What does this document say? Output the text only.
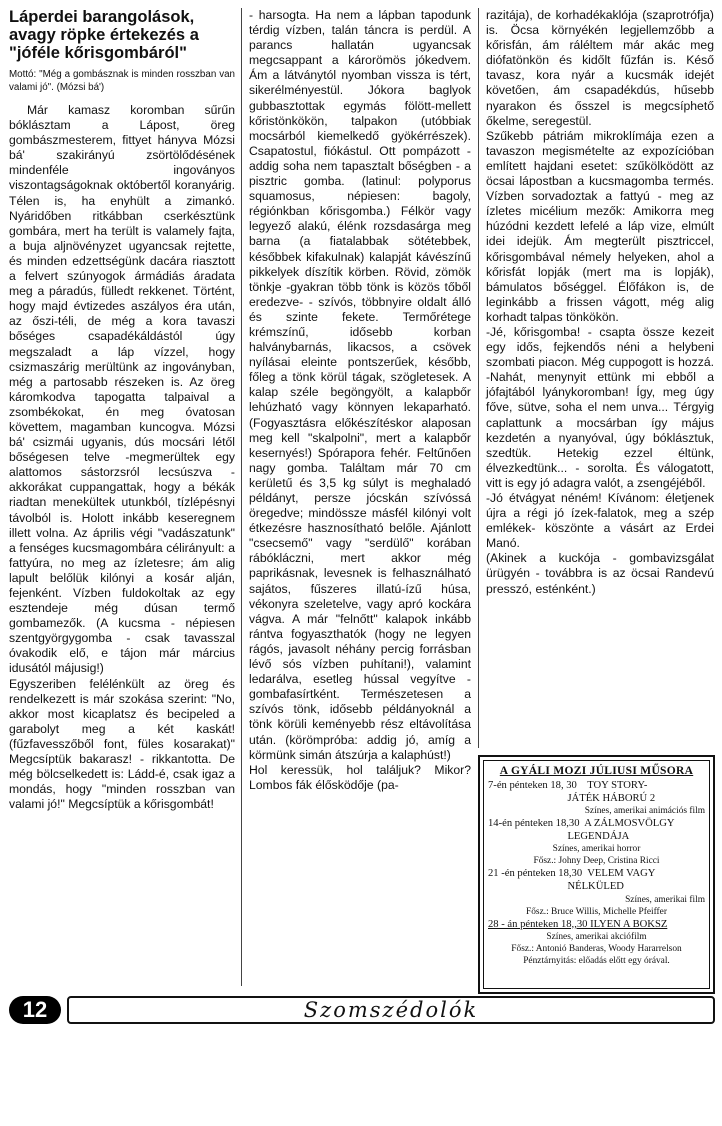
Láperdei barangolások, avagy röpke értekezés a "jóféle kőrisgombáról"
Mottó: "Még a gombásznak is minden rosszban van valami jó". (Mózsi bá')

Már kamasz koromban sűrűn bóklásztam a Lápost, öreg gombászmesterem, fittyet hányva Mózsi bá' szakirányú zsörtölődésének mindenféle ingoványos viszontagságoknak októbertől koranyárig. Télen is, ha enyhült a zimankó. Nyáridőben ritkábban cserkésztünk gombára, mert ha terült is valamely fajta, a buja aljnövényzet ugyancsak rejtette, és minden edzettségünk dacára riasztott a felvert szúnyogok ármádiás áradata meg a páradús, fülledt rekkenet. Történt, hogy majd évtizedes aszályos éra után, az őszi-téli, de még a kora tavaszi bőséges csapadékáldástól úgy megszaladt a láp vízzel, hogy csizmaszárig merültünk az ingoványban, még a partosabb részeken is. Az öreg káromkodva tapogatta talpaival a zsombékokat, én meg óvatosan követtem, magamban kuncogva. Mózsi bá' csizmái ugyanis, dús mocsári létől bőségesen telve -megmerültek egy alattomos sástorzsról lecsúszva - akkorákat cuppangattak, hogy a békák riadtan menekültek utunkból, tízlépésnyi távolból is. Holott inkább keseregnem illett volna. Az április végi "vadászatunk" a fenséges kucsmagombára célirányult: a fattyúra, no meg az ízletesre; ám alig lapult belőlük kilónyi a kosár alján, fejenként. Vízben fuldokoltak az egy esztendeje még dúsan termő gombamezők. (A kucsma - népiesen szentgyörgygomba - csak tavasszal óvakodik elő, e tájon már március idusától májusig!)

Egyszeriben felélénkült az öreg és rendelkezett is már szokása szerint: "No, akkor most kicaplatsz és becipeled a garabolyt meg a két kaskát! (fűzfavesszőből font, füles kosarakat)" Megcsíptük bakarasz! - rikkantotta. De még bölcselkedett is: Ládd-é, csak igaz a mondás, hogy "minden rosszban van valami jó!" Megcsíptük a kőrisgombát!

- harsogta. Ha nem a lápban tapodunk térdig vízben, talán táncra is perdül. A parancs hallatán ugyancsak megcsappant a károrömös jókedvem. Ám a látványtól nyomban vissza is tért, sikerélményestül. Jókora baglyok gubbasztottak egymás fölött-mellett kőristönkökön, talpakon (utóbbiak mocsárból kiemelkedő gyökérrészek). Csapatostul, fiókástul. Ott pompázott - addig soha nem tapasztalt bőségben - a pisztric gomba. (latinul: polyporus squamosus, népiesen: bagoly, régiónkban kőrisgomba.) Félkör vagy legyező alakú, élénk rozsdasárga meg barna (a fiatalabbak sötétebbek, későbbek kifakulnak) kalapját kávészínű pikkelyek díszítik körben. Rövid, zömök tönkje -gyakran több tönk is közös tőből eredezve- - szívós, többnyire oldalt álló és szinte fekete. Termőrétege krémszínű, idősebb korban halványbarnás, likacsos, a csövek nyílásai eleinte pontszerűek, később, főleg a tönk körül tágak, szögletesek. A kalap széle begöngyölt, a kalapbőr lehúzható vagy könnyen lekaparható. (Fogyasztásra előkészítéskor alaposan meg kell "skalpolni", mert a kalapbőr kesernyés!) Spórapora fehér. Feltűnően nagy gomba. Találtam már 70 cm kerületű és 3,5 kg súlyt is meghaladó példányt, persze jócskán szívóssá öregedve; mindössze másfél kilónyi volt étkezésre hasznosítható belőle. Ajánlott "csecsemő" vagy "serdülő" korában rábókláczni, mert akkor még paprikásnak, levesnek is felhasználható sajátos, fűszeres illatú-ízű húsa, vékonyra szeletelve, vagy apró kockára vágva. A már "felnőtt" kalapok inkább rántva fogyaszthatók (hogy ne legyen rágós, javasolt néhány percig forrásban lévő sós vízben puhítani!), valamint ledarálva, esetleg hússal vegyítve - gombafasírtként. Természetesen a szívós tönk, idősebb példányoknál a tönk körüli keményebb rész eltávolítása után. (körömpróba: addig jó, amíg a körmünk simán átszúrja a kalaphúst!)

Hol keressük, hol találjuk? Mikor? Lombos fák élősködője (pa-

razitája), de korhadékaklója (szaprotrófja) is. Öcsa környékén legjellemzőbb a kőrisfán, ám ráléltem már akác meg diófatönkön és kidőlt fűzfán is. Késő tavasz, kora nyár a kucsmák idejét követően, ám csapadékdús, hűsebb nyarakon és ősszel is megcsíphető őkelme, seregestül.

Szűkebb pátriám mikroklímája ezen a tavaszon megismételte az expozícióban említett hajdani esetet: szűkölködött az öcsai lápostban a kucsmagomba termés. Vízben sorvadoztak a fattyú - meg az ízletes micélium mezők: Amikorra meg húzódni kezdett lefelé a láp vize, elmúlt idei idejük. Ám megterült pisztriccel, kőrisgombával némely helyeken, ahol a kőrisfát lopják (mert ma is lopják), bámulatos bőséggel. Élőfákon is, de leginkább a frissen vágott, még alig korhadt talpas tönkökön.

-Jé, kőrisgomba! - csapta össze kezeit egy idős, fejkendős néni a helybeni szombati piacon. Még cuppogott is hozzá. -Nahát, menynyit ettünk mi ebből a jófajtából lyánykoromban! Így, meg úgy főve, sütve, soha el nem unva... Térgyig caplattunk a mocsárban így május kezdetén a nyanyóval, úgy bóklásztuk, szedtük. Hetekig ezzel éltünk, élvezkedtünk... - sorolta. És válogatott, vitt is egy jó adagra valót, a zsengéjéből.

-Jó étvágyat néném! Kívánom: életjenek újra a régi jó ízek-falatok, meg a szép emlékek- köszönte a vásárt az Erdei Manó.

(Akinek a kuckója - gombavizsgálat ürügyén - továbbra is az öcsai Randevú presszó, esténként.)

A GYÁLI MOZI JÚLIUSI MŰSORA
7-én pénteken 18, 30    TOY STORY-
JÁTÉK HÁBORÚ 2
Színes, amerikai animációs film
14-én pénteken 18,30  A ZÁLMOSVÖLGY
LEGENDÁJA
Színes, amerikai horror
Fősz.: Johny Deep, Cristina Ricci
21 -én pénteken 18,30  VELEM VAGY
NÉLKÜLED
Színes, amerikai film
Fősz.: Bruce Willis, Michelle Pfeiffer
28 - án pénteken 18,,30 ILYEN A BOKSZ
Színes, amerikai akciófilm
Fősz.: Antonió Banderas, Woody Hararrelson
Pénztárnyitás: előadás előtt egy órával.
12	Szomszédolók
